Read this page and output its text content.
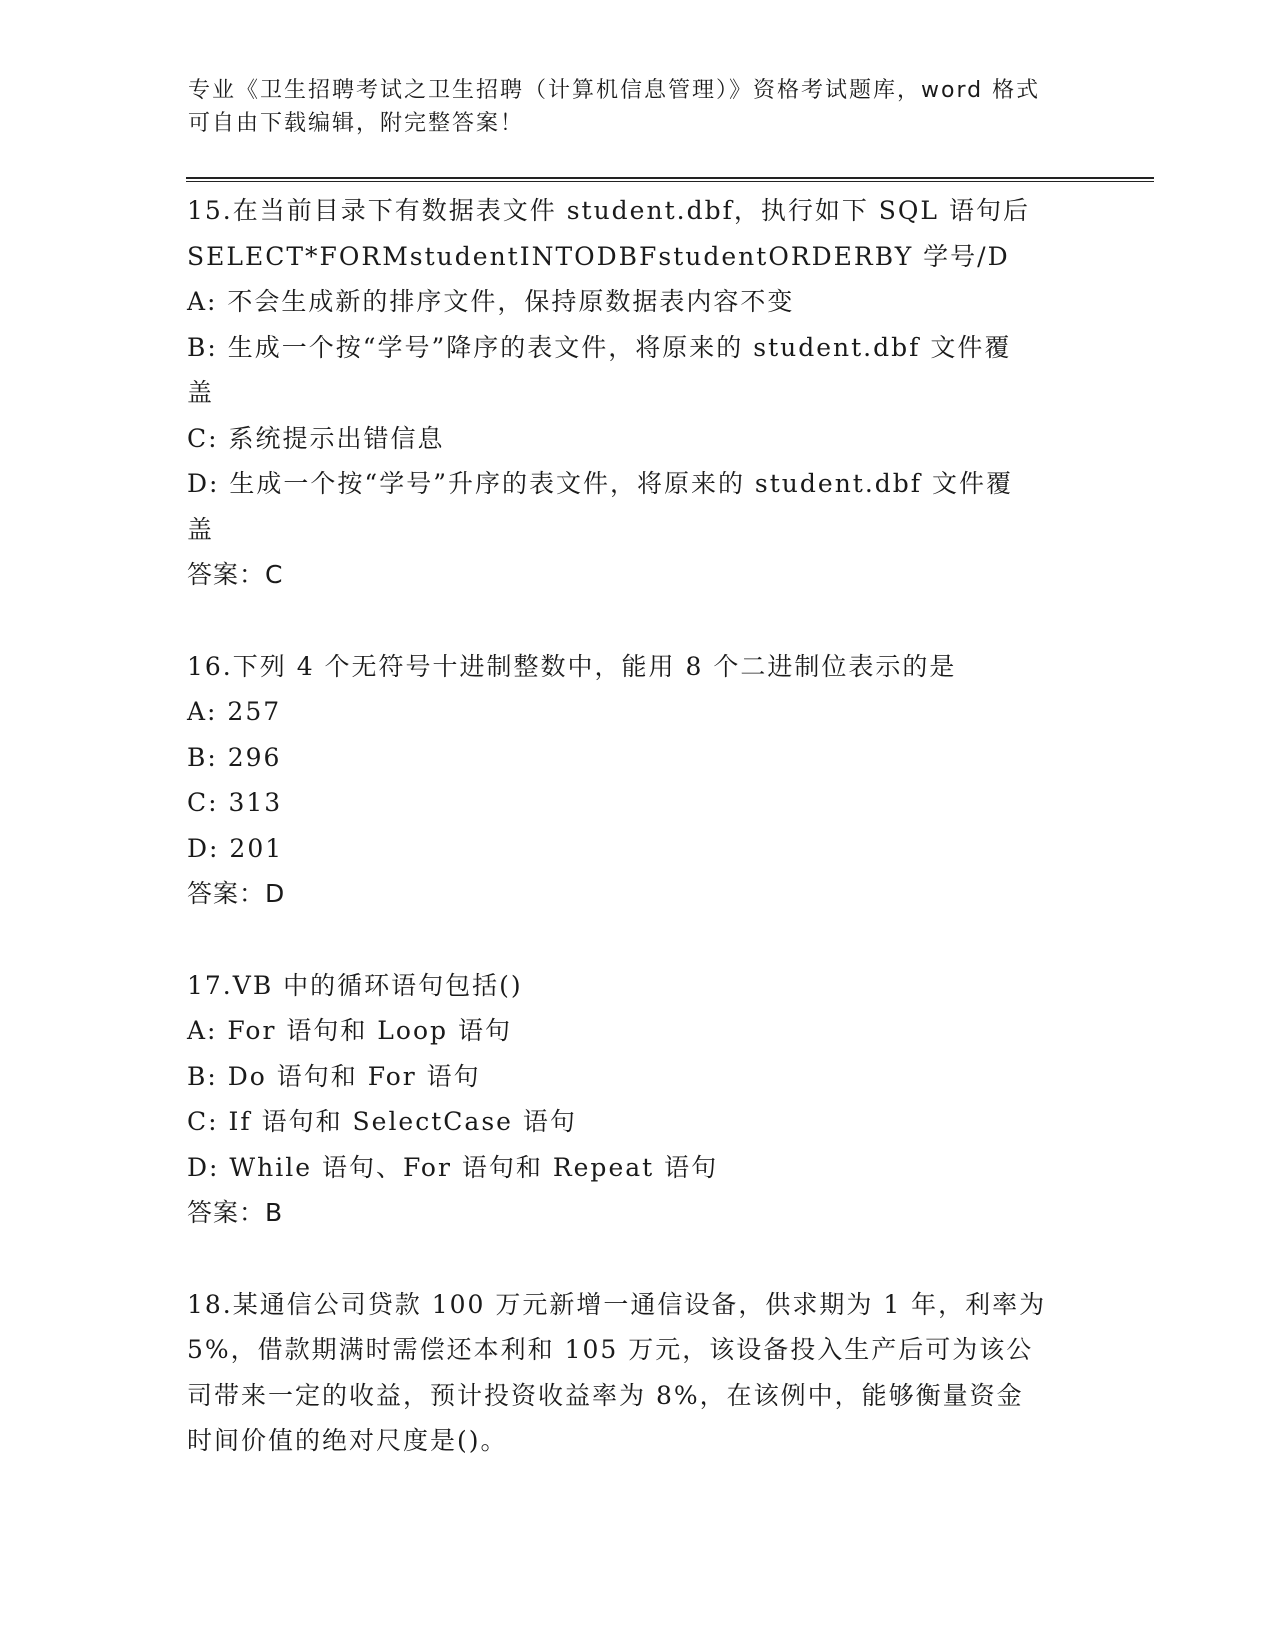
专业《卫生招聘考试之卫生招聘（计算机信息管理）》资格考试题库，word 格式
可自由下载编辑，附完整答案！
15.在当前目录下有数据表文件 student.dbf，执行如下 SQL 语句后
SELECT*FORMstudentINTODBFstudentORDERBY 学号/D
A: 不会生成新的排序文件，保持原数据表内容不变
B: 生成一个按“学号”降序的表文件，将原来的 student.dbf 文件覆
盖
C: 系统提示出错信息
D: 生成一个按“学号”升序的表文件，将原来的 student.dbf 文件覆
盖
答案：C
16.下列 4 个无符号十进制整数中，能用 8 个二进制位表示的是
A: 257
B: 296
C: 313
D: 201
答案：D
17.VB 中的循环语句包括()
A: For 语句和 Loop 语句
B: Do 语句和 For 语句
C: If 语句和 SelectCase 语句
D: While 语句、For 语句和 Repeat 语句
答案：B
18.某通信公司贷款 100 万元新增一通信设备，供求期为 1 年，利率为
5%，借款期满时需偿还本利和 105 万元，该设备投入生产后可为该公
司带来一定的收益，预计投资收益率为 8%，在该例中，能够衡量资金
时间价值的绝对尺度是()。
